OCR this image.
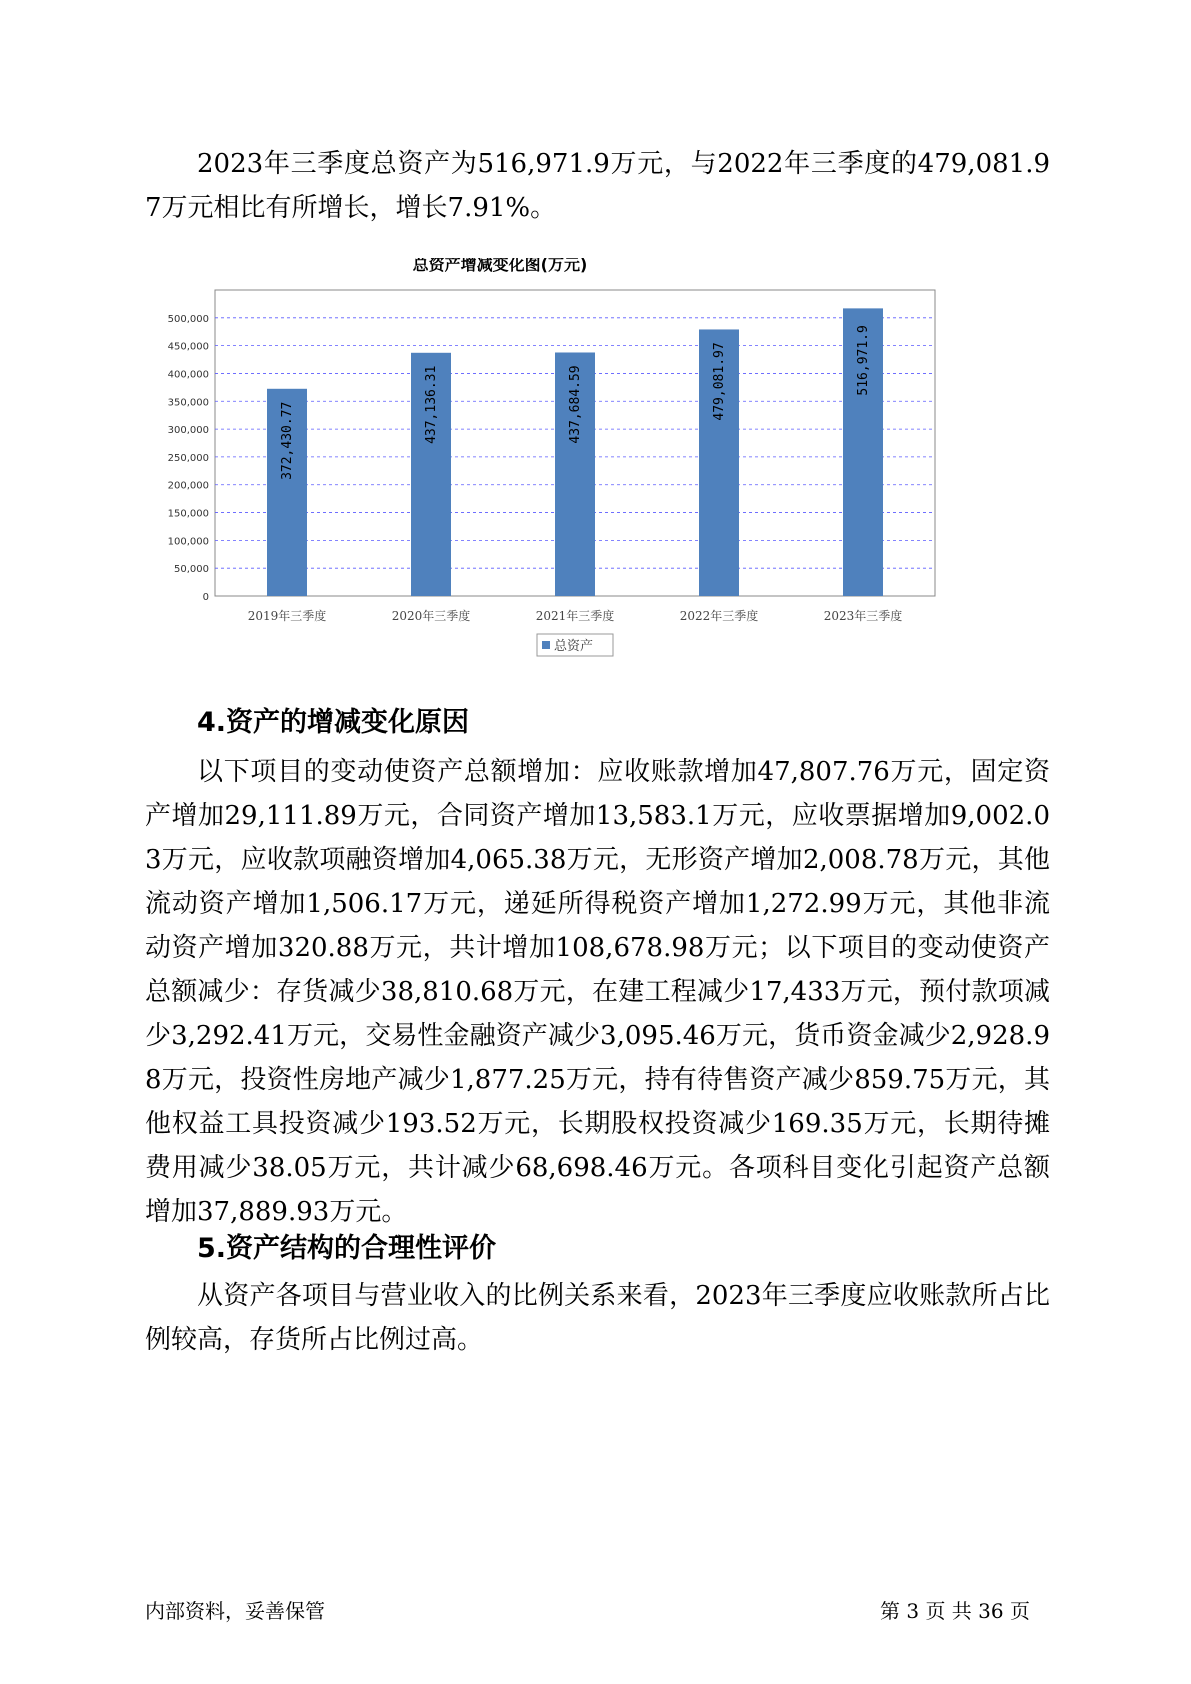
2023年三季度总资产为516,971.9万元，与2022年三季度的479,081.97万元相比有所增长，增长7.91%。

总资产增减变化图(万元)
0
50,000
100,000
150,000
200,000
250,000
300,000
350,000
400,000
450,000
500,000
372,430.77
2019年三季度
437,136.31
2020年三季度
437,684.59
2021年三季度
479,081.97
2022年三季度
516,971.9
2023年三季度
总资产

4.资产的增减变化原因

以下项目的变动使资产总额增加：应收账款增加47,807.76万元，固定资产增加29,111.89万元，合同资产增加13,583.1万元，应收票据增加9,002.03万元，应收款项融资增加4,065.38万元，无形资产增加2,008.78万元，其他流动资产增加1,506.17万元，递延所得税资产增加1,272.99万元，其他非流动资产增加320.88万元，共计增加108,678.98万元；以下项目的变动使资产总额减少：存货减少38,810.68万元，在建工程减少17,433万元，预付款项减少3,292.41万元，交易性金融资产减少3,095.46万元，货币资金减少2,928.98万元，投资性房地产减少1,877.25万元，持有待售资产减少859.75万元，其他权益工具投资减少193.52万元，长期股权投资减少169.35万元，长期待摊费用减少38.05万元，共计减少68,698.46万元。各项科目变化引起资产总额增加37,889.93万元。

5.资产结构的合理性评价

从资产各项目与营业收入的比例关系来看，2023年三季度应收账款所占比例较高，存货所占比例过高。

内部资料，妥善保管	第 3 页 共 36 页
